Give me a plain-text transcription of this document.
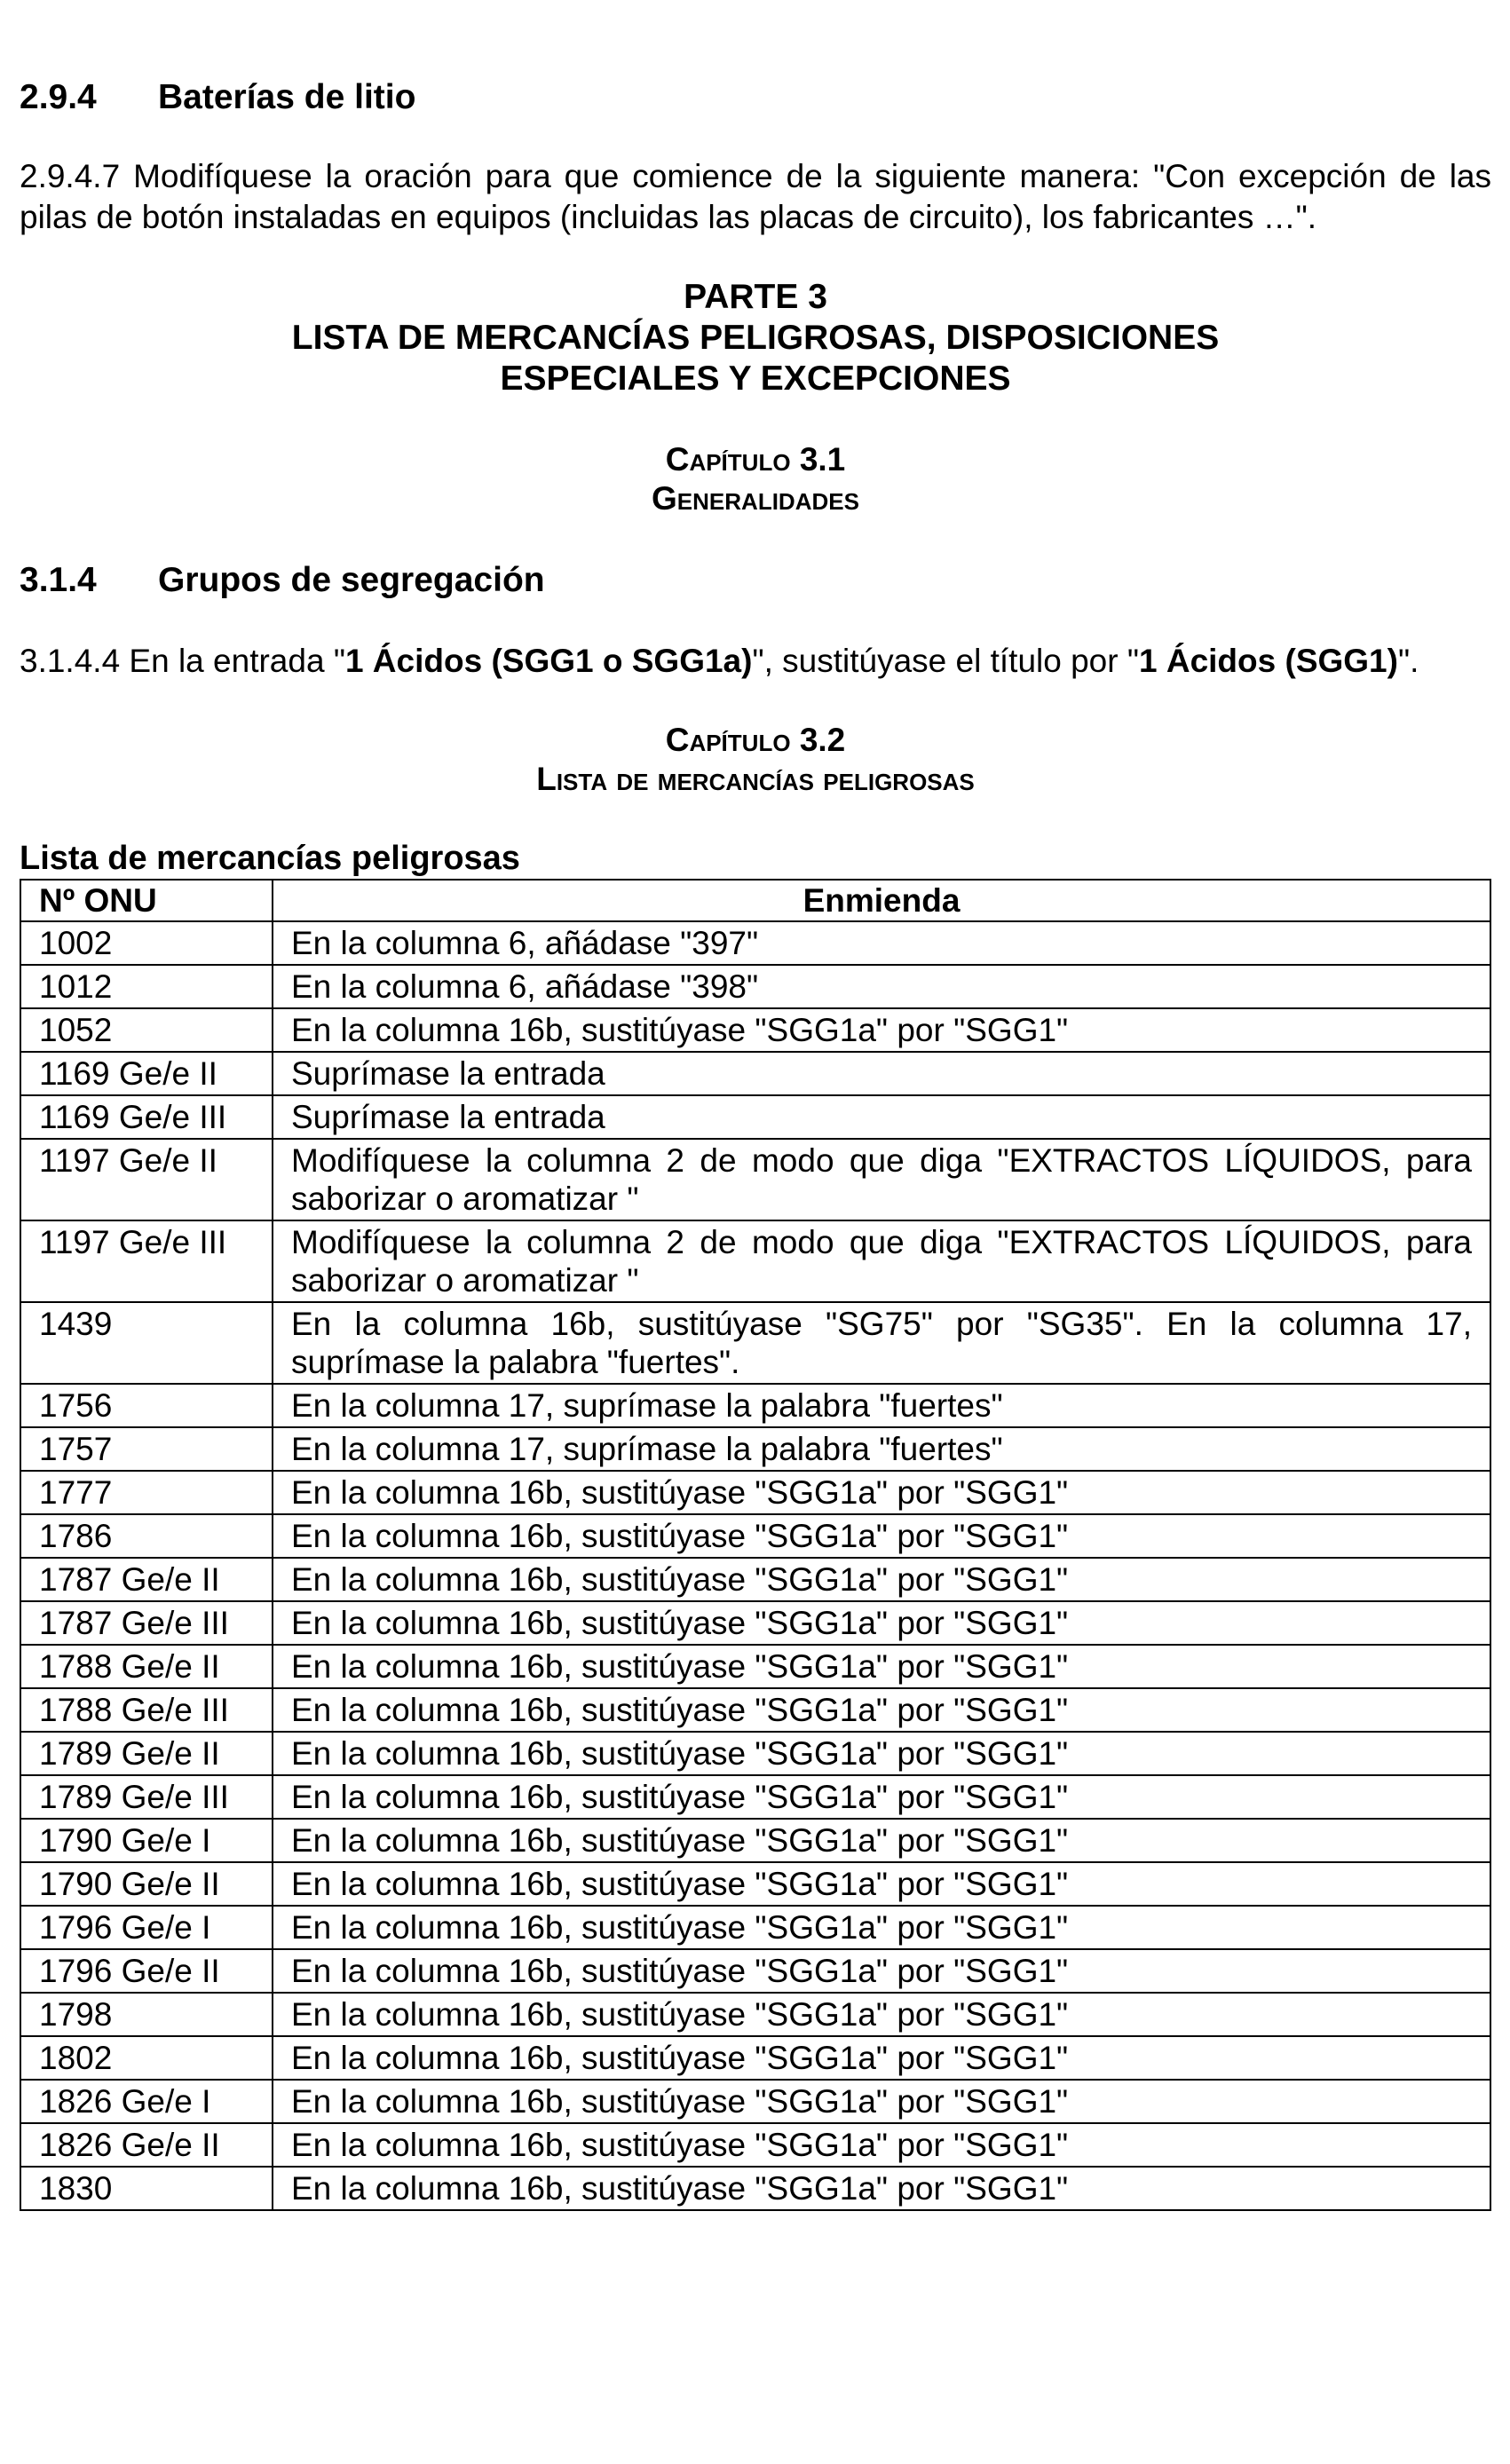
2.9.4 Baterías de litio

2.9.4.7 Modifíquese la oración para que comience de la siguiente manera: "Con excepción de las pilas de botón instaladas en equipos (incluidas las placas de circuito), los fabricantes …".

PARTE 3

LISTA DE MERCANCÍAS PELIGROSAS, DISPOSICIONES

ESPECIALES Y EXCEPCIONES

Capítulo 3.1

Generalidades

3.1.4 Grupos de segregación

3.1.4.4 En la entrada "1 Ácidos (SGG1 o SGG1a)", sustitúyase el título por "1 Ácidos (SGG1)".

Capítulo 3.2

Lista de mercancías peligrosas

Lista de mercancías peligrosas

Nº ONU	Enmienda
1002	En la columna 6, añádase "397"
1012	En la columna 6, añádase "398"
1052	En la columna 16b, sustitúyase "SGG1a" por "SGG1"
1169 Ge/e II	Suprímase la entrada
1169 Ge/e III	Suprímase la entrada
1197 Ge/e II	Modifíquese la columna 2 de modo que diga "EXTRACTOS LÍQUIDOS, para saborizar o aromatizar "
1197 Ge/e III	Modifíquese la columna 2 de modo que diga "EXTRACTOS LÍQUIDOS, para saborizar o aromatizar "
1439	En la columna 16b, sustitúyase "SG75" por "SG35". En la columna 17, suprímase la palabra "fuertes".
1756	En la columna 17, suprímase la palabra "fuertes"
1757	En la columna 17, suprímase la palabra "fuertes"
1777	En la columna 16b, sustitúyase "SGG1a" por "SGG1"
1786	En la columna 16b, sustitúyase "SGG1a" por "SGG1"
1787 Ge/e II	En la columna 16b, sustitúyase "SGG1a" por "SGG1"
1787 Ge/e III	En la columna 16b, sustitúyase "SGG1a" por "SGG1"
1788 Ge/e II	En la columna 16b, sustitúyase "SGG1a" por "SGG1"
1788 Ge/e III	En la columna 16b, sustitúyase "SGG1a" por "SGG1"
1789 Ge/e II	En la columna 16b, sustitúyase "SGG1a" por "SGG1"
1789 Ge/e III	En la columna 16b, sustitúyase "SGG1a" por "SGG1"
1790 Ge/e I	En la columna 16b, sustitúyase "SGG1a" por "SGG1"
1790 Ge/e II	En la columna 16b, sustitúyase "SGG1a" por "SGG1"
1796 Ge/e I	En la columna 16b, sustitúyase "SGG1a" por "SGG1"
1796 Ge/e II	En la columna 16b, sustitúyase "SGG1a" por "SGG1"
1798	En la columna 16b, sustitúyase "SGG1a" por "SGG1"
1802	En la columna 16b, sustitúyase "SGG1a" por "SGG1"
1826 Ge/e I	En la columna 16b, sustitúyase "SGG1a" por "SGG1"
1826 Ge/e II	En la columna 16b, sustitúyase "SGG1a" por "SGG1"
1830	En la columna 16b, sustitúyase "SGG1a" por "SGG1"
